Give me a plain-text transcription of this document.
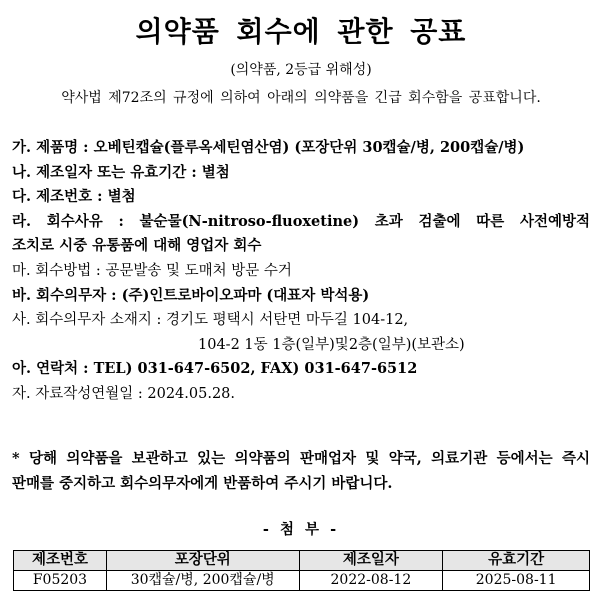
의약품 회수에 관한 공표
(의약품, 2등급 위해성)
약사법 제72조의 규정에 의하여 아래의 의약품을 긴급 회수함을 공표합니다.
가. 제품명 : 오베틴캡슐(플루옥세틴염산염) (포장단위 30캡슐/병, 200캡슐/병)
나. 제조일자 또는 유효기간 : 별첨
다. 제조번호 : 별첨
라. 회수사유 : 불순물(N-nitroso-fluoxetine) 초과 검출에 따른 사전예방적
조치로 시중 유통품에 대해 영업자 회수
마. 회수방법 : 공문발송 및 도매처 방문 수거
바. 회수의무자 : (주)인트로바이오파마 (대표자 박석용)
사. 회수의무자 소재지 : 경기도 평택시 서탄면 마두길 104-12,
104-2 1동 1층(일부)및2층(일부)(보관소)
아. 연락처 : TEL) 031-647-6502, FAX) 031-647-6512
자. 자료작성연월일 : 2024.05.28.
* 당해 의약품을 보관하고 있는 의약품의 판매업자 및 약국, 의료기관 등에서는 즉시
판매를 중지하고 회수의무자에게 반품하여 주시기 바랍니다.
- 첨 부 -
제조번호	포장단위	제조일자	유효기간
F05203	30캡슐/병, 200캡슐/병	2022-08-12	2025-08-11
